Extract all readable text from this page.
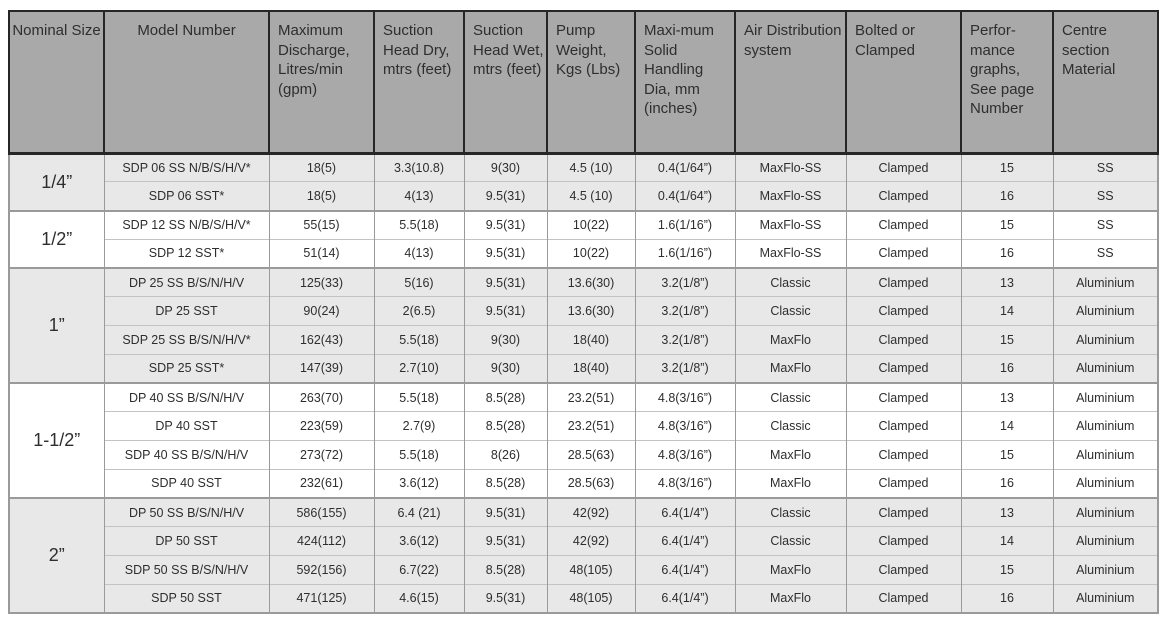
Nominal Size	Model Number	Maximum Discharge, Litres/min (gpm)	Suction Head Dry, mtrs (feet)	Suction Head Wet, mtrs (feet)	Pump Weight, Kgs (Lbs)	Maxi-mum Solid Handling Dia, mm (inches)	Air Distribution system	Bolted or Clamped	Perfor-mance graphs, See page Number	Centre section Material
1/4”	SDP 06 SS N/B/S/H/V*	18(5)	3.3(10.8)	9(30)	4.5 (10)	0.4(1/64”)	MaxFlo-SS	Clamped	15	SS
	SDP 06 SST*	18(5)	4(13)	9.5(31)	4.5 (10)	0.4(1/64”)	MaxFlo-SS	Clamped	16	SS
1/2”	SDP 12 SS N/B/S/H/V*	55(15)	5.5(18)	9.5(31)	10(22)	1.6(1/16”)	MaxFlo-SS	Clamped	15	SS
	SDP 12 SST*	51(14)	4(13)	9.5(31)	10(22)	1.6(1/16”)	MaxFlo-SS	Clamped	16	SS
1”	DP 25 SS B/S/N/H/V	125(33)	5(16)	9.5(31)	13.6(30)	3.2(1/8”)	Classic	Clamped	13	Aluminium
	DP 25 SST	90(24)	2(6.5)	9.5(31)	13.6(30)	3.2(1/8”)	Classic	Clamped	14	Aluminium
	SDP 25 SS B/S/N/H/V*	162(43)	5.5(18)	9(30)	18(40)	3.2(1/8”)	MaxFlo	Clamped	15	Aluminium
	SDP 25 SST*	147(39)	2.7(10)	9(30)	18(40)	3.2(1/8”)	MaxFlo	Clamped	16	Aluminium
1-1/2”	DP 40 SS B/S/N/H/V	263(70)	5.5(18)	8.5(28)	23.2(51)	4.8(3/16”)	Classic	Clamped	13	Aluminium
	DP 40 SST	223(59)	2.7(9)	8.5(28)	23.2(51)	4.8(3/16”)	Classic	Clamped	14	Aluminium
	SDP 40 SS B/S/N/H/V	273(72)	5.5(18)	8(26)	28.5(63)	4.8(3/16”)	MaxFlo	Clamped	15	Aluminium
	SDP 40 SST	232(61)	3.6(12)	8.5(28)	28.5(63)	4.8(3/16”)	MaxFlo	Clamped	16	Aluminium
2”	DP 50 SS B/S/N/H/V	586(155)	6.4 (21)	9.5(31)	42(92)	6.4(1/4”)	Classic	Clamped	13	Aluminium
	DP 50 SST	424(112)	3.6(12)	9.5(31)	42(92)	6.4(1/4”)	Classic	Clamped	14	Aluminium
	SDP 50 SS B/S/N/H/V	592(156)	6.7(22)	8.5(28)	48(105)	6.4(1/4”)	MaxFlo	Clamped	15	Aluminium
	SDP 50 SST	471(125)	4.6(15)	9.5(31)	48(105)	6.4(1/4”)	MaxFlo	Clamped	16	Aluminium
